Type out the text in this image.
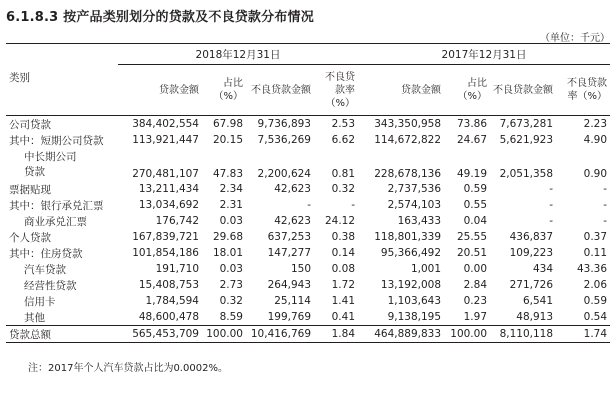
6.1.8.3 按产品类别划分的贷款及不良贷款分布情况
（单位：千元）
类别	2018年12月31日				2017年12月31日			
	贷款金额	占比（%）	不良贷款金额	不良贷款率（%）	贷款金额	占比（%）	不良贷款金额	不良贷款率（%）
公司贷款	384,402,554	67.98	9,736,893	2.53	343,350,958	73.86	7,673,281	2.23
其中：短期公司贷款	113,921,447	20.15	7,536,269	6.62	114,672,822	24.67	5,621,923	4.90
中长期公司贷款	270,481,107	47.83	2,200,624	0.81	228,678,136	49.19	2,051,358	0.90
票据贴现	13,211,434	2.34	42,623	0.32	2,737,536	0.59	-	-
其中：银行承兑汇票	13,034,692	2.31	-	-	2,574,103	0.55	-	-
商业承兑汇票	176,742	0.03	42,623	24.12	163,433	0.04	-	-
个人贷款	167,839,721	29.68	637,253	0.38	118,801,339	25.55	436,837	0.37
其中：住房贷款	101,854,186	18.01	147,277	0.14	95,366,492	20.51	109,223	0.11
汽车贷款	191,710	0.03	150	0.08	1,001	0.00	434	43.36
经营性贷款	15,408,753	2.73	264,943	1.72	13,192,008	2.84	271,726	2.06
信用卡	1,784,594	0.32	25,114	1.41	1,103,643	0.23	6,541	0.59
其他	48,600,478	8.59	199,769	0.41	9,138,195	1.97	48,913	0.54
贷款总额	565,453,709	100.00	10,416,769	1.84	464,889,833	100.00	8,110,118	1.74
注：2017年个人汽车贷款占比为0.0002%。
